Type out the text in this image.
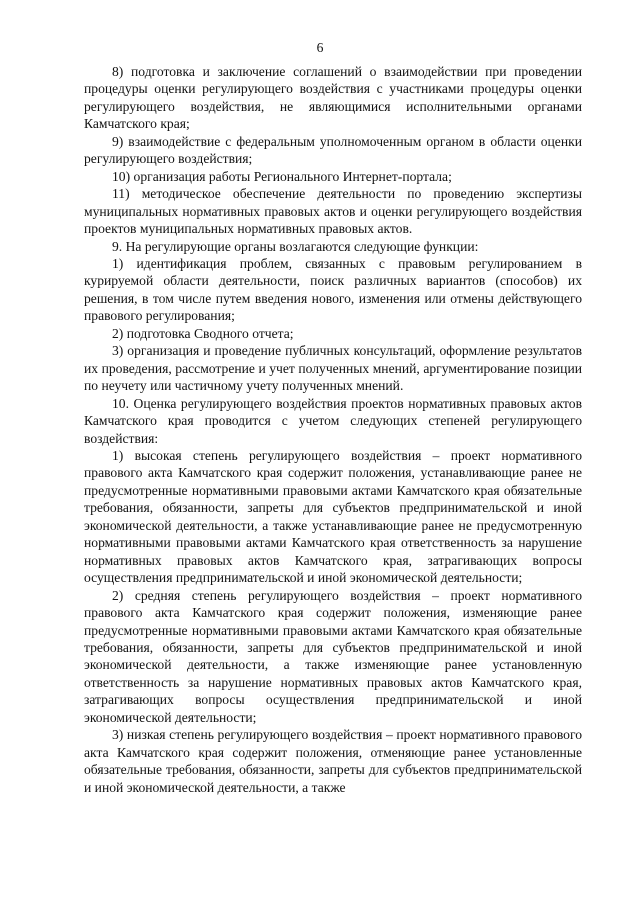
6

8) подготовка и заключение соглашений о взаимодействии при проведении процедуры оценки регулирующего воздействия с участниками процедуры оценки регулирующего воздействия, не являющимися исполнительными органами Камчатского края;

9) взаимодействие с федеральным уполномоченным органом в области оценки регулирующего воздействия;

10) организация работы Регионального Интернет-портала;

11) методическое обеспечение деятельности по проведению экспертизы муниципальных нормативных правовых актов и оценки регулирующего воздействия проектов муниципальных нормативных правовых актов.

9. На регулирующие органы возлагаются следующие функции:

1) идентификация проблем, связанных с правовым регулированием в курируемой области деятельности, поиск различных вариантов (способов) их решения, в том числе путем введения нового, изменения или отмены действующего правового регулирования;

2) подготовка Сводного отчета;

3) организация и проведение публичных консультаций, оформление результатов их проведения, рассмотрение и учет полученных мнений, аргументирование позиции по неучету или частичному учету полученных мнений.

10. Оценка регулирующего воздействия проектов нормативных правовых актов Камчатского края проводится с учетом следующих степеней регулирующего воздействия:

1) высокая степень регулирующего воздействия – проект нормативного правового акта Камчатского края содержит положения, устанавливающие ранее не предусмотренные нормативными правовыми актами Камчатского края обязательные требования, обязанности, запреты для субъектов предпринимательской и иной экономической деятельности, а также устанавливающие ранее не предусмотренную нормативными правовыми актами Камчатского края ответственность за нарушение нормативных правовых актов Камчатского края, затрагивающих вопросы осуществления предпринимательской и иной экономической деятельности;

2) средняя степень регулирующего воздействия – проект нормативного правового акта Камчатского края содержит положения, изменяющие ранее предусмотренные нормативными правовыми актами Камчатского края обязательные требования, обязанности, запреты для субъектов предпринимательской и иной экономической деятельности, а также изменяющие ранее установленную ответственность за нарушение нормативных правовых актов Камчатского края, затрагивающих вопросы осуществления предпринимательской и иной экономической деятельности;

3) низкая степень регулирующего воздействия – проект нормативного правового акта Камчатского края содержит положения, отменяющие ранее установленные обязательные требования, обязанности, запреты для субъектов предпринимательской и иной экономической деятельности, а также
